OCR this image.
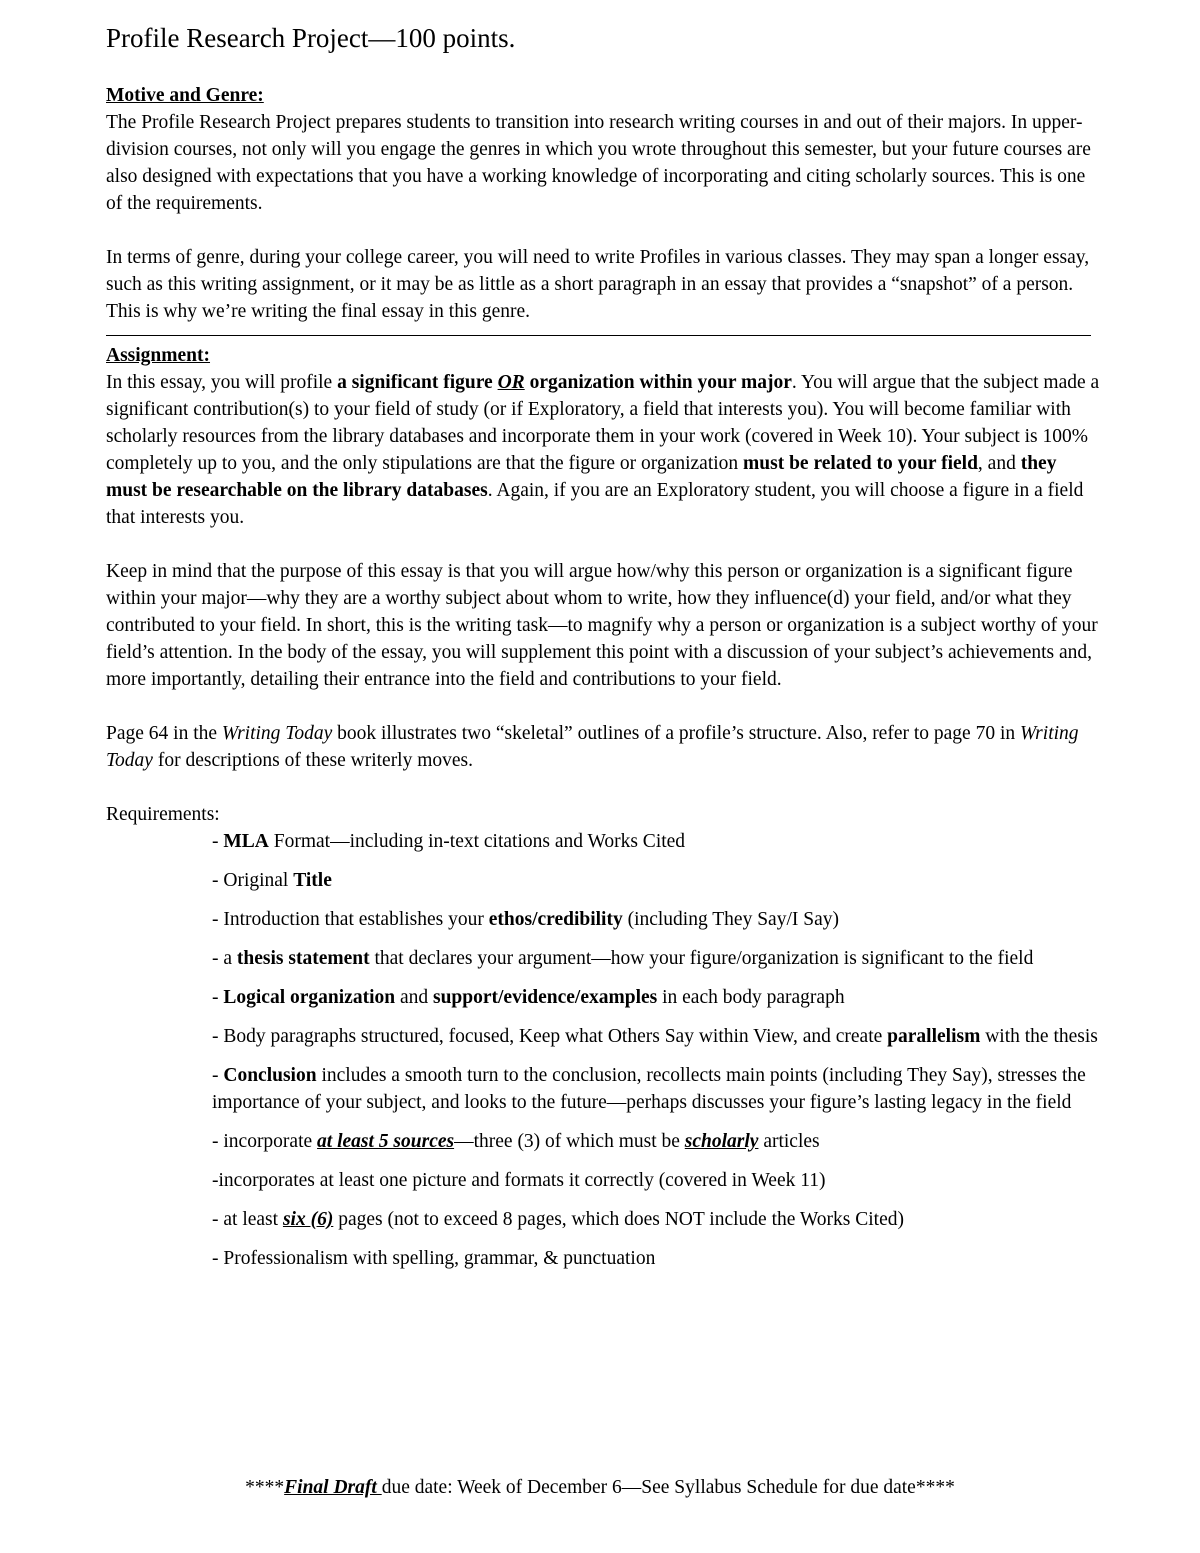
Profile Research Project—100 points.

Motive and Genre:
The Profile Research Project prepares students to transition into research writing courses in and out of their majors. In upper-division courses, not only will you engage the genres in which you wrote throughout this semester, but your future courses are also designed with expectations that you have a working knowledge of incorporating and citing scholarly sources. This is one of the requirements.

In terms of genre, during your college career, you will need to write Profiles in various classes. They may span a longer essay, such as this writing assignment, or it may be as little as a short paragraph in an essay that provides a “snapshot” of a person. This is why we’re writing the final essay in this genre.

Assignment:
In this essay, you will profile a significant figure OR organization within your major. You will argue that the subject made a significant contribution(s) to your field of study (or if Exploratory, a field that interests you). You will become familiar with scholarly resources from the library databases and incorporate them in your work (covered in Week 10). Your subject is 100% completely up to you, and the only stipulations are that the figure or organization must be related to your field, and they must be researchable on the library databases. Again, if you are an Exploratory student, you will choose a figure in a field that interests you.

Keep in mind that the purpose of this essay is that you will argue how/why this person or organization is a significant figure within your major—why they are a worthy subject about whom to write, how they influence(d) your field, and/or what they contributed to your field. In short, this is the writing task—to magnify why a person or organization is a subject worthy of your field’s attention. In the body of the essay, you will supplement this point with a discussion of your subject’s achievements and, more importantly, detailing their entrance into the field and contributions to your field.

Page 64 in the Writing Today book illustrates two “skeletal” outlines of a profile’s structure. Also, refer to page 70 in Writing Today for descriptions of these writerly moves.

Requirements:

- MLA Format—including in-text citations and Works Cited
- Original Title
- Introduction that establishes your ethos/credibility (including They Say/I Say)
- a thesis statement that declares your argument—how your figure/organization is significant to the field
- Logical organization and support/evidence/examples in each body paragraph
- Body paragraphs structured, focused, Keep what Others Say within View, and create parallelism with the thesis
- Conclusion includes a smooth turn to the conclusion, recollects main points (including They Say), stresses the importance of your subject, and looks to the future—perhaps discusses your figure’s lasting legacy in the field
- incorporate at least 5 sources—three (3) of which must be scholarly articles
-incorporates at least one picture and formats it correctly (covered in Week 11)
- at least six (6) pages (not to exceed 8 pages, which does NOT include the Works Cited)
- Professionalism with spelling, grammar, & punctuation
****Final Draft due date: Week of December 6—See Syllabus Schedule for due date****
